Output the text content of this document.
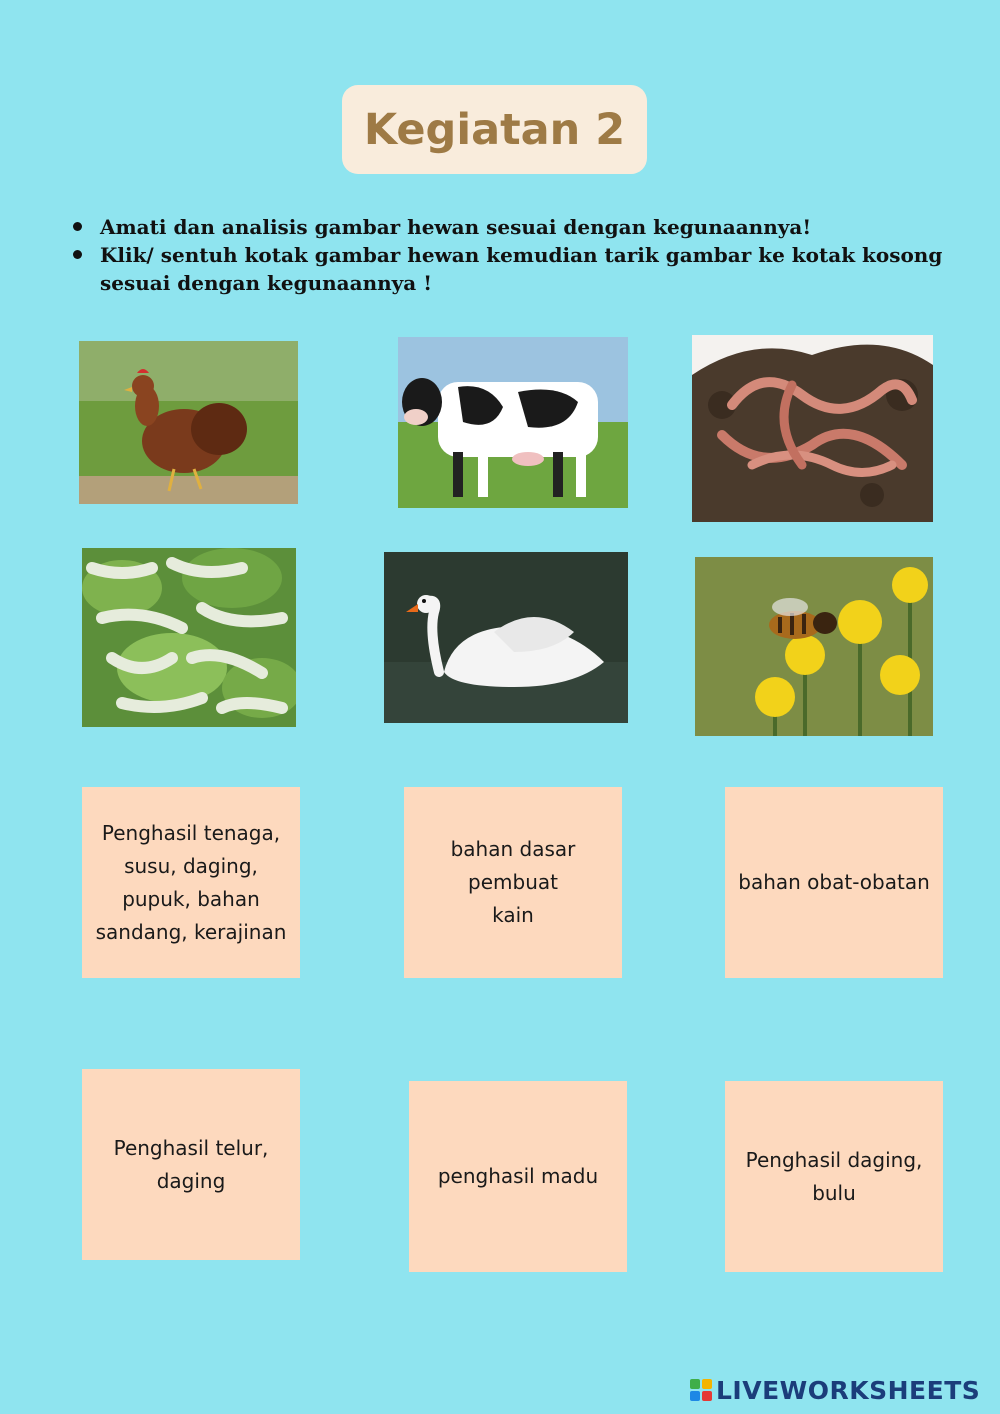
Kegiatan 2
Amati dan analisis gambar hewan sesuai dengan kegunaannya!
Klik/ sentuh kotak gambar hewan kemudian tarik gambar ke kotak kosong sesuai dengan kegunaannya !
Penghasil tenaga,
susu, daging,
pupuk, bahan
sandang, kerajinan
bahan dasar
pembuat
kain
bahan obat-obatan
Penghasil telur,
daging	penghasil madu
Penghasil daging,
bulu
LIVEWORKSHEETS
